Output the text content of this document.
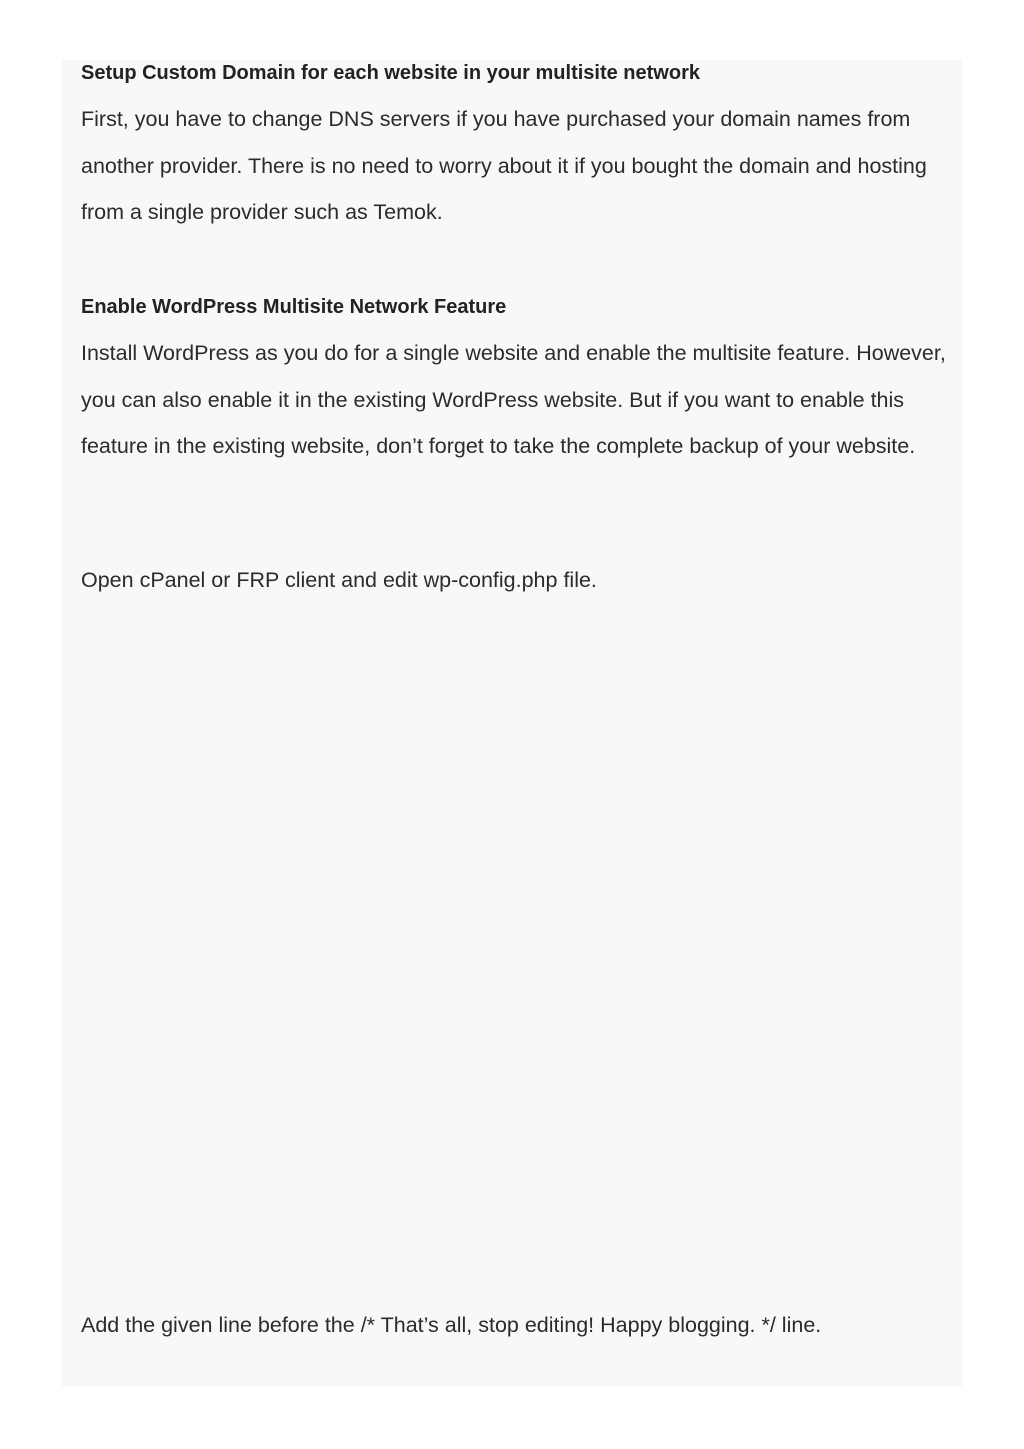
Setup Custom Domain for each website in your multisite network

First, you have to change DNS servers if you have purchased your domain names from another provider. There is no need to worry about it if you bought the domain and hosting from a single provider such as Temok.

Enable WordPress Multisite Network Feature

Install WordPress as you do for a single website and enable the multisite feature. However, you can also enable it in the existing WordPress website. But if you want to enable this feature in the existing website, don’t forget to take the complete backup of your website.

Open cPanel or FRP client and edit wp-config.php file.
Add the given line before the /* That’s all, stop editing! Happy blogging. */ line.
